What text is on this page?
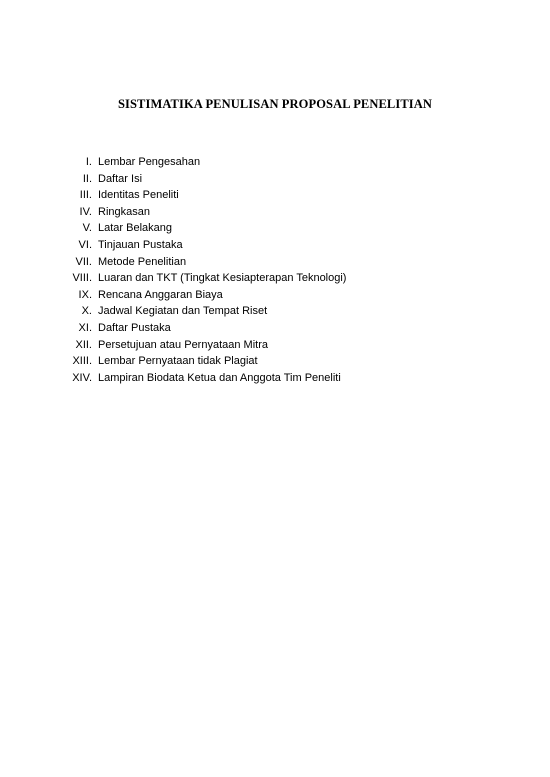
SISTIMATIKA PENULISAN PROPOSAL PENELITIAN
I. Lembar Pengesahan
II. Daftar Isi
III. Identitas Peneliti
IV. Ringkasan
V. Latar Belakang
VI. Tinjauan Pustaka
VII. Metode Penelitian
VIII. Luaran dan TKT (Tingkat Kesiapterapan Teknologi)
IX. Rencana Anggaran Biaya
X. Jadwal Kegiatan dan Tempat Riset
XI. Daftar Pustaka
XII. Persetujuan atau Pernyataan Mitra
XIII. Lembar Pernyataan tidak Plagiat
XIV. Lampiran Biodata Ketua dan Anggota Tim Peneliti
